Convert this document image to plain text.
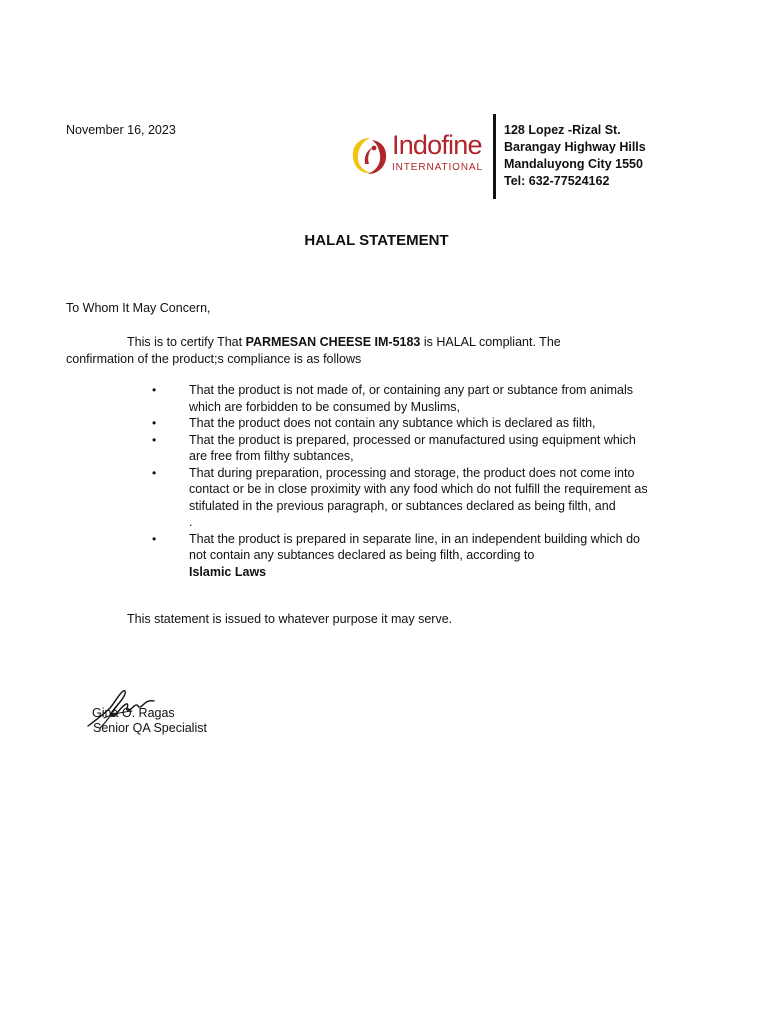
November 16, 2023	Indofine
INTERNATIONAL
128 Lopez -Rizal St.
Barangay Highway Hills
Mandaluyong City 1550
Tel: 632-77524162
HALAL STATEMENT
To Whom It May Concern,
This is to certify That PARMESAN CHEESE IM-5183 is HALAL compliant. The
confirmation of the product;s compliance is as follows
•	That the product is not made of, or containing any part or subtance from animals which are forbidden to be consumed by Muslims,
•	That the product does not contain any subtance which is declared as filth,
•	That the product is prepared, processed or manufactured using equipment which are free from filthy subtances,
•	That during preparation, processing and storage, the product does not come into contact or be in close proximity with any food which do not fulfill the requirement as stifulated in the previous paragraph, or subtances declared as being filth, and                                      .
•	That the product is prepared in separate line, in an independent building which do not contain any subtances declared as being filth, according to
Islamic Laws
This statement is issued to whatever purpose it may serve.
Gina O. Ragas
Senior QA Specialist
